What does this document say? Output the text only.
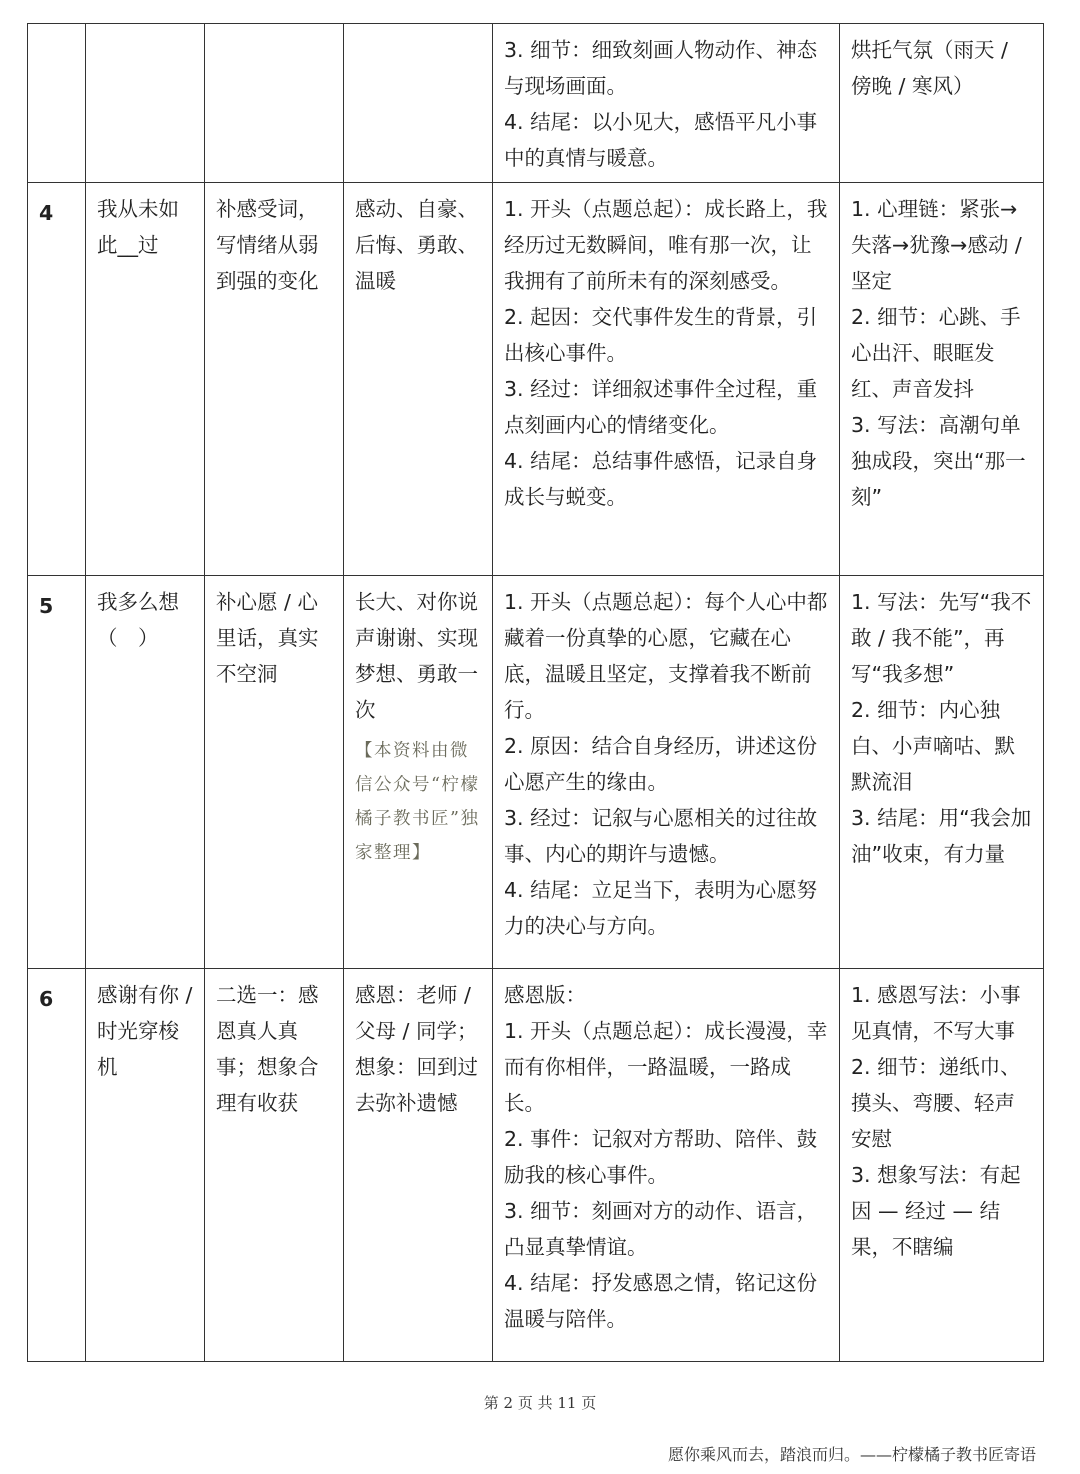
				3. 细节：细致刻画人物动作、神态与现场画面。
4. 结尾：以小见大，感悟平凡小事中的真情与暖意。	烘托气氛（雨天 / 傍晚 / 寒风）

4	我从未如此__过	补感受词，写情绪从弱到强的变化	感动、自豪、后悔、勇敢、温暖	1. 开头（点题总起）：成长路上，我经历过无数瞬间，唯有那一次，让我拥有了前所未有的深刻感受。
2. 起因：交代事件发生的背景，引出核心事件。
3. 经过：详细叙述事件全过程，重点刻画内心的情绪变化。
4. 结尾：总结事件感悟，记录自身成长与蜕变。	1. 心理链：紧张→失落→犹豫→感动 / 坚定
2. 细节：心跳、手心出汗、眼眶发红、声音发抖
3. 写法：高潮句单独成段，突出“那一刻”

5	我多么想（　）	补心愿 / 心里话，真实不空洞	长大、对你说声谢谢、实现梦想、勇敢一次
【本资料由微信公众号“柠檬橘子教书匠”独家整理】	1. 开头（点题总起）：每个人心中都藏着一份真挚的心愿，它藏在心底，温暖且坚定，支撑着我不断前行。
2. 原因：结合自身经历，讲述这份心愿产生的缘由。
3. 经过：记叙与心愿相关的过往故事、内心的期许与遗憾。
4. 结尾：立足当下，表明为心愿努力的决心与方向。	1. 写法：先写“我不敢 / 我不能”，再写“我多想”
2. 细节：内心独白、小声嘀咕、默默流泪
3. 结尾：用“我会加油”收束，有力量

6	感谢有你 / 时光穿梭机	二选一：感恩真人真事；想象合理有收获	感恩：老师 / 父母 / 同学；想象：回到过去弥补遗憾	感恩版：
1. 开头（点题总起）：成长漫漫，幸而有你相伴，一路温暖，一路成长。
2. 事件：记叙对方帮助、陪伴、鼓励我的核心事件。
3. 细节：刻画对方的动作、语言，凸显真挚情谊。
4. 结尾：抒发感恩之情，铭记这份温暖与陪伴。	1. 感恩写法：小事见真情，不写大事
2. 细节：递纸巾、摸头、弯腰、轻声安慰
3. 想象写法：有起因 — 经过 — 结果，不瞎编
第 2 页 共 11 页
愿你乘风而去，踏浪而归。——柠檬橘子教书匠寄语
